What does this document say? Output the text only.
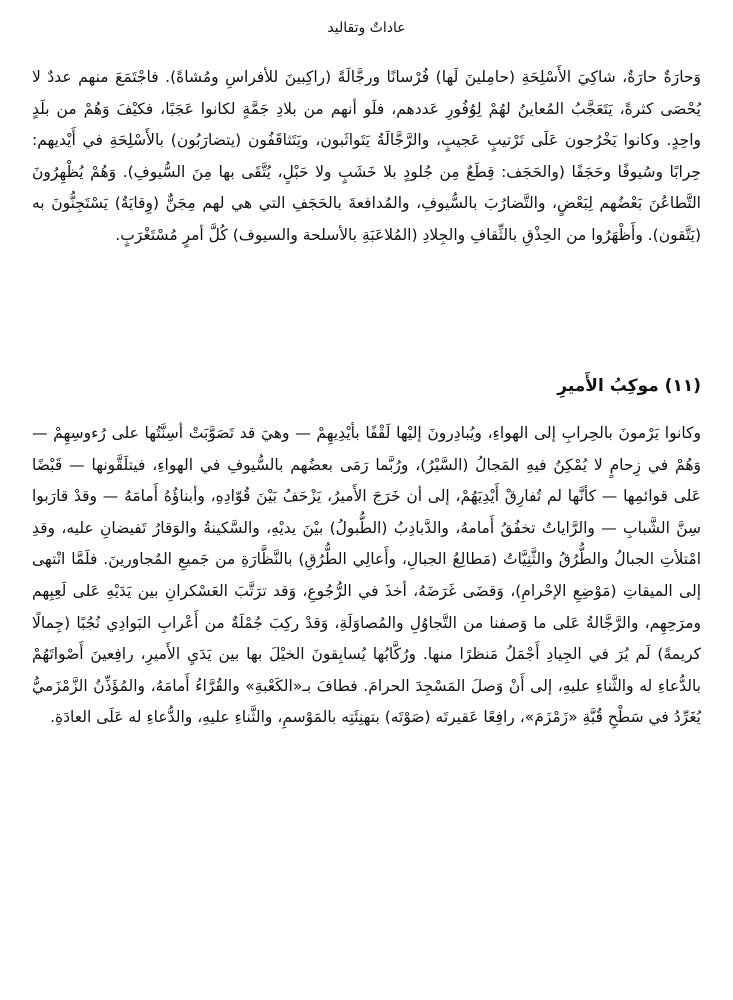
عاداتٌ وتقاليد

وَحارَةٌ حارَةٌ، شاكِيَ الأَسْلِحَةِ (حامِلينَ لَها) فُرْسانًا ورجَّالَةً (راكِبينَ للأفراسِ ومُشاةً). فاجْتَمَعَ منهم عددٌ لا يُحْصَى كثرةً، يَتَعَجَّبُ المُعاينُ لهُمْ لِوُفُورِ عَددهم، فلَو أنهم من بلادِ جَمَّةٍ لكانوا عَجَبًا، فكيْفَ وَهُمْ من بلَدٍ واحِدٍ. وكانوا يَخْرُجون عَلَى تَرْتيبٍ عَجيبٍ، والرَّجَّالَةُ يَتَواثَبون، ويَتَثاقَفُون (يتضارَبُون) بالأَسْلِحَةِ في أَيْديهم: حِرابًا وسُيوفًا وحَجَفًا (والحَجَف: قِطَعٌ مِن جُلودٍ بلا خَشَبٍ ولا حَبْلٍ، يُتَّقَى بها مِنَ السُّيوفِ). وَهُمْ يُظْهِرُونَ التَّطاعُنَ بَعْضُهم لِبَعْضٍ، والتَّضارُبَ بالسُّيوفِ، والمُدافعةَ بالحَجَفِ التي هي لهم مِجَنٌّ (وِقايَةٌ) يَسْتَجِنُّونَ به (يَتَّقون). وأَظْهَرُوا من الحِذْقِ بالثِّقافِ والجِلادِ (المُلاعَبَةِ بالأسلحة والسيوف) كُلَّ أمرٍ مُسْتَغْرَبٍ.

(١١) موكِبُ الأَميرِ

وكانوا يَرْمونَ بالحِرابِ إلى الهواءِ، ويُبادِرونَ إليْها لَقْفًا بأيْدِيهِمْ — وهيَ قد تَصَوَّبَتْ أسِنَّتُها على رُءوسِهِمْ — وَهُمْ في زِحامٍ لا يُمْكِنُ فيهِ المَجالُ (السَّيْرُ)، ورُبَّما رَمَى بعضُهم بالسُّيوفِ في الهواءِ، فيتلَقَّونها — قَبْضًا عَلى قوائمِها — كأنَّها لم تُفارِقْ أَيْدِيَهُمْ، إلى أن خَرَجَ الأَميرُ، يَزْحَفُ بَيْنَ قُوّادِهِ، وأبناؤُهُ أَمامَهُ — وقدْ قارَبوا سِنَّ الشَّبابِ — والرَّاياتُ تخفُقُ أَمامهُ، والدَّبادِبُ (الطُّبولُ) بيْنَ يديْهِ، والسَّكينةُ والوَقارُ تَفيضانِ عليه، وقدِ امْتلأتِ الجبالُ والطُّرُقُ والثَّنِيَّاتُ (مَطالِعُ الجبالِ، وأَعالِي الطُّرُقِ) بالنَّظَّارَةِ من جَميعِ المُجاورينَ. فلَمَّا انْتهى إلى الميقاتِ (مَوْضِعِ الإحْرامِ)، وَقضَى غَرَضَهُ، أخذَ في الرُّجُوعِ، وَقد ترَتَّبَ العَسْكرانِ بين يَدَيْهِ عَلى لَعِبِهم ومرَحِهِم، والرَّجَّالةُ عَلى ما وَصفنا من التَّجاوُلِ والمُصاوَلَةِ، وَقدْ ركِبَ جُمْلَةٌ من أَعْرابِ البَوادِي نُجُبًا (جِمالًا كريمةً) لَم يُرَ في الجِيادِ أَجْمَلُ مَنظرًا منها. ورُكَّابُها يُسابِقونَ الخيْلَ بها بين يَدَيِ الأَميرِ، رافِعينَ أَصْواتَهُمْ بالدُّعاءِ له والثَّناءِ عليهِ، إلى أَنْ وَصلَ المَسْجِدَ الحرامَ. فطافَ بـ«الكَعْبةِ» والقُرَّاءُ أَمامَهُ، والمُؤَذِّنُ الزَّمْزَميُّ يُغَرِّدُ في سَطْحِ قُبَّةِ «زَمْزَمَ»، رافِعًا عَقيرتَه (صَوْتَه) بتهنِئَتِه بالمَوْسمِ، والثَّناءِ عليهِ، والدُّعاءِ له عَلَى العادَةِ.
